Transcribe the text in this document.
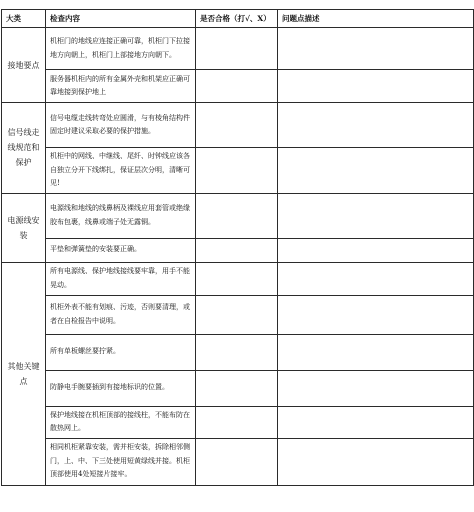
大类	检查内容	是否合格（打√、X）	问题点描述
接地要点	机柜门的地线应连接正确可靠，机柜门下拉接地方向朝上，机柜门上部接地方向朝下。		
	服务器机柜内的所有金属外壳和机架应正确可靠地接到保护地上		
信号线走线规范和保护	信号电缆走线转弯处应圆滑，与有棱角结构件固定时建议采取必要的保护措施。		
	机柜中的网线、中继线、尾纤、时钟线应该各自独立分开下线绑扎，保证层次分明，清晰可见!		
电源线安装	电源线和地线的线鼻柄及裸线应用套管或绝缘胶布包裹，线鼻或端子处无露铜。		
	平垫和弹簧垫的安装要正确。		
其他关键点	所有电源线、保护地线接线要牢靠，用手不能晃动。		
	机柜外表不能有划痕、污迹，否则要清理，或者在自检报告中说明。		
	所有单板螺丝要拧紧。		
	防静电手腕要插到有接地标识的位置。		
	保护地线接在机柜顶部的接线柱，不能布防在散热网上。		
	相同机柜紧靠安装，需并柜安装，拆除相邻侧门，上、中、下三处使用短黄绿线并接。机柜顶部使用4处短接片接牢。		
